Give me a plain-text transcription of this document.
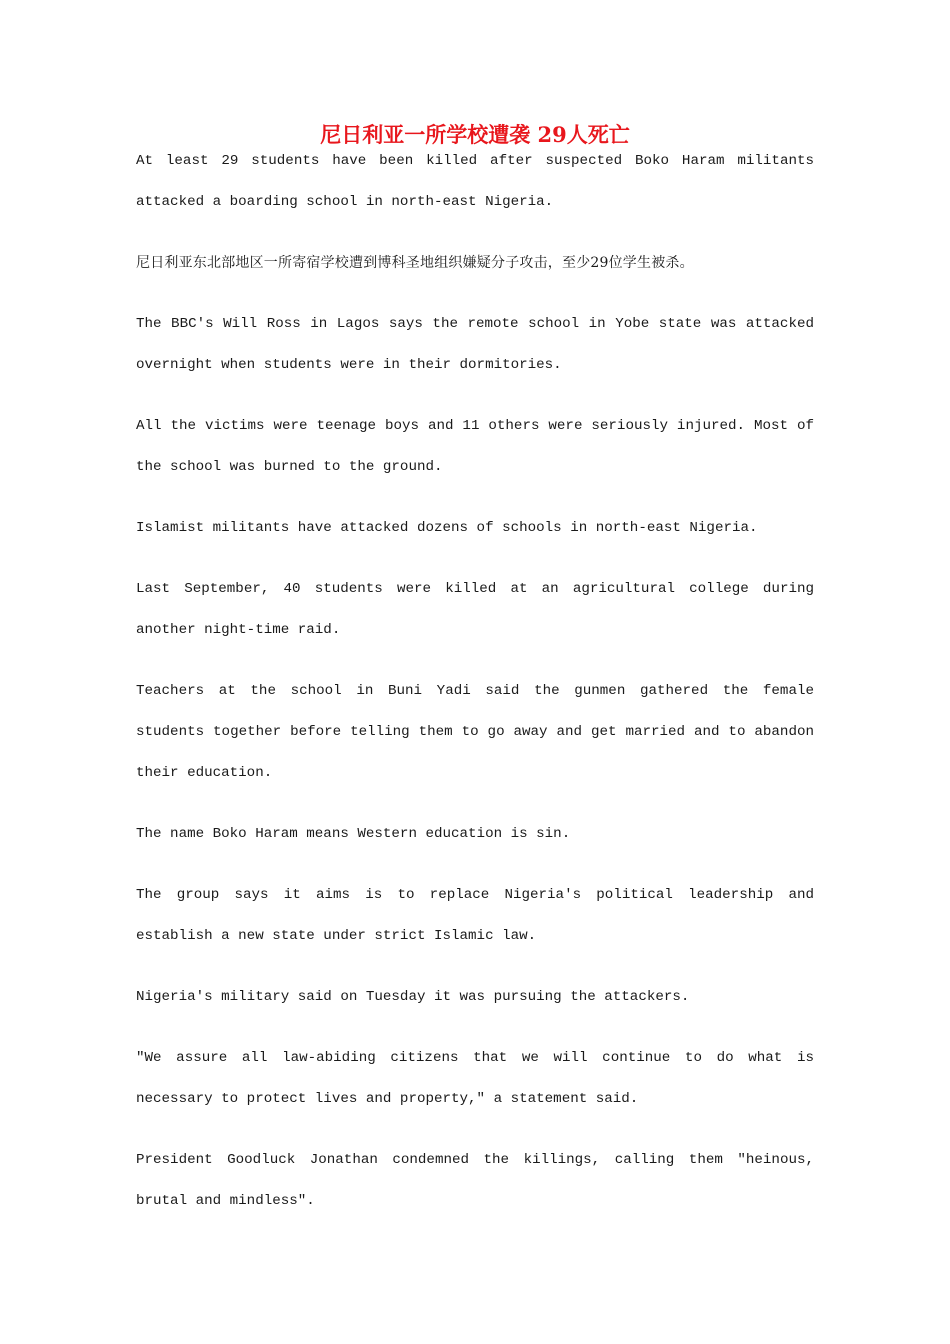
尼日利亚一所学校遭袭 29人死亡

At least 29 students have been killed after suspected Boko Haram militants attacked a boarding school in north-east Nigeria.

尼日利亚东北部地区一所寄宿学校遭到博科圣地组织嫌疑分子攻击，至少29位学生被杀。

The BBC's Will Ross in Lagos says the remote school in Yobe state was attacked overnight when students were in their dormitories.

All the victims were teenage boys and 11 others were seriously injured. Most of the school was burned to the ground.

Islamist militants have attacked dozens of schools in north-east Nigeria.

Last September, 40 students were killed at an agricultural college during another night-time raid.

Teachers at the school in Buni Yadi said the gunmen gathered the female students together before telling them to go away and get married and to abandon their education.

The name Boko Haram means Western education is sin.

The group says it aims is to replace Nigeria's political leadership and establish a new state under strict Islamic law.

Nigeria's military said on Tuesday it was pursuing the attackers.

"We assure all law-abiding citizens that we will continue to do what is necessary to protect lives and property," a statement said.

President Goodluck Jonathan condemned the killings, calling them "heinous, brutal and mindless".
